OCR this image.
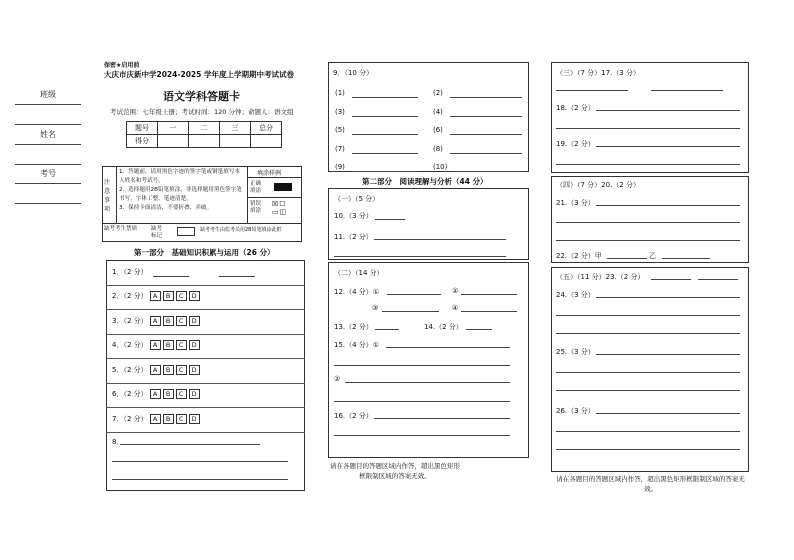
保密★启用前
大庆市庆新中学2024-2025 学年度上学期期中考试试卷
语文学科答题卡
考试范围：七年级上册；考试时间：120 分钟；命题人：语文组
班级
姓名
考号
题号	一	二	三	总分
得分				
注意事项
1．答题前，请用黑色字迹的签字笔或钢笔填写本人姓名和考试号。
2．选择题用2B铅笔填涂，非选择题用黑色签字笔书写，字体工整、笔迹清楚。
3．保持卡面清洁，不要折叠、弄破。
填涂样例
正确填涂
错误填涂
☒☐
▭◫
缺考考生禁填	缺考标记
缺考考生由监考员用2B铅笔填涂此框
第一部分　基础知识积累与运用（26 分）
1．（2 分）
2．（2 分） A B C D
3．（2 分） A B C D
4．（2 分） A B C D
5．（2 分） A B C D
6．（2 分） A B C D
7．（2 分） A B C D
8．
9．（10 分）
(1)	(2)
(3)	(4)
(5)	(6)
(7)	(8)
(9)	(10)
第二部分　阅读理解与分析（44 分）
（一）（5 分）
10.（3 分）
11.（2 分）
（二）（14 分）
12.（4 分）①	②
③	④
13.（2 分）	14.（2 分）
15.（4 分）①
②
16.（2 分）
请在各题目的答题区域内作答，超出黑色矩形框限制区域的答案无效。
（三）（7 分）17.（3 分）
18.（2 分）
19.（2 分）
（四）（7 分）20.（2 分）
21.（3 分）
22.（2 分）甲	乙
（五）（11 分）23.（2 分）
24.（3 分）
25.（3 分）
26.（3 分）
请在各题目的答题区域内作答，超出黑色矩形框限制区域的答案无效。
